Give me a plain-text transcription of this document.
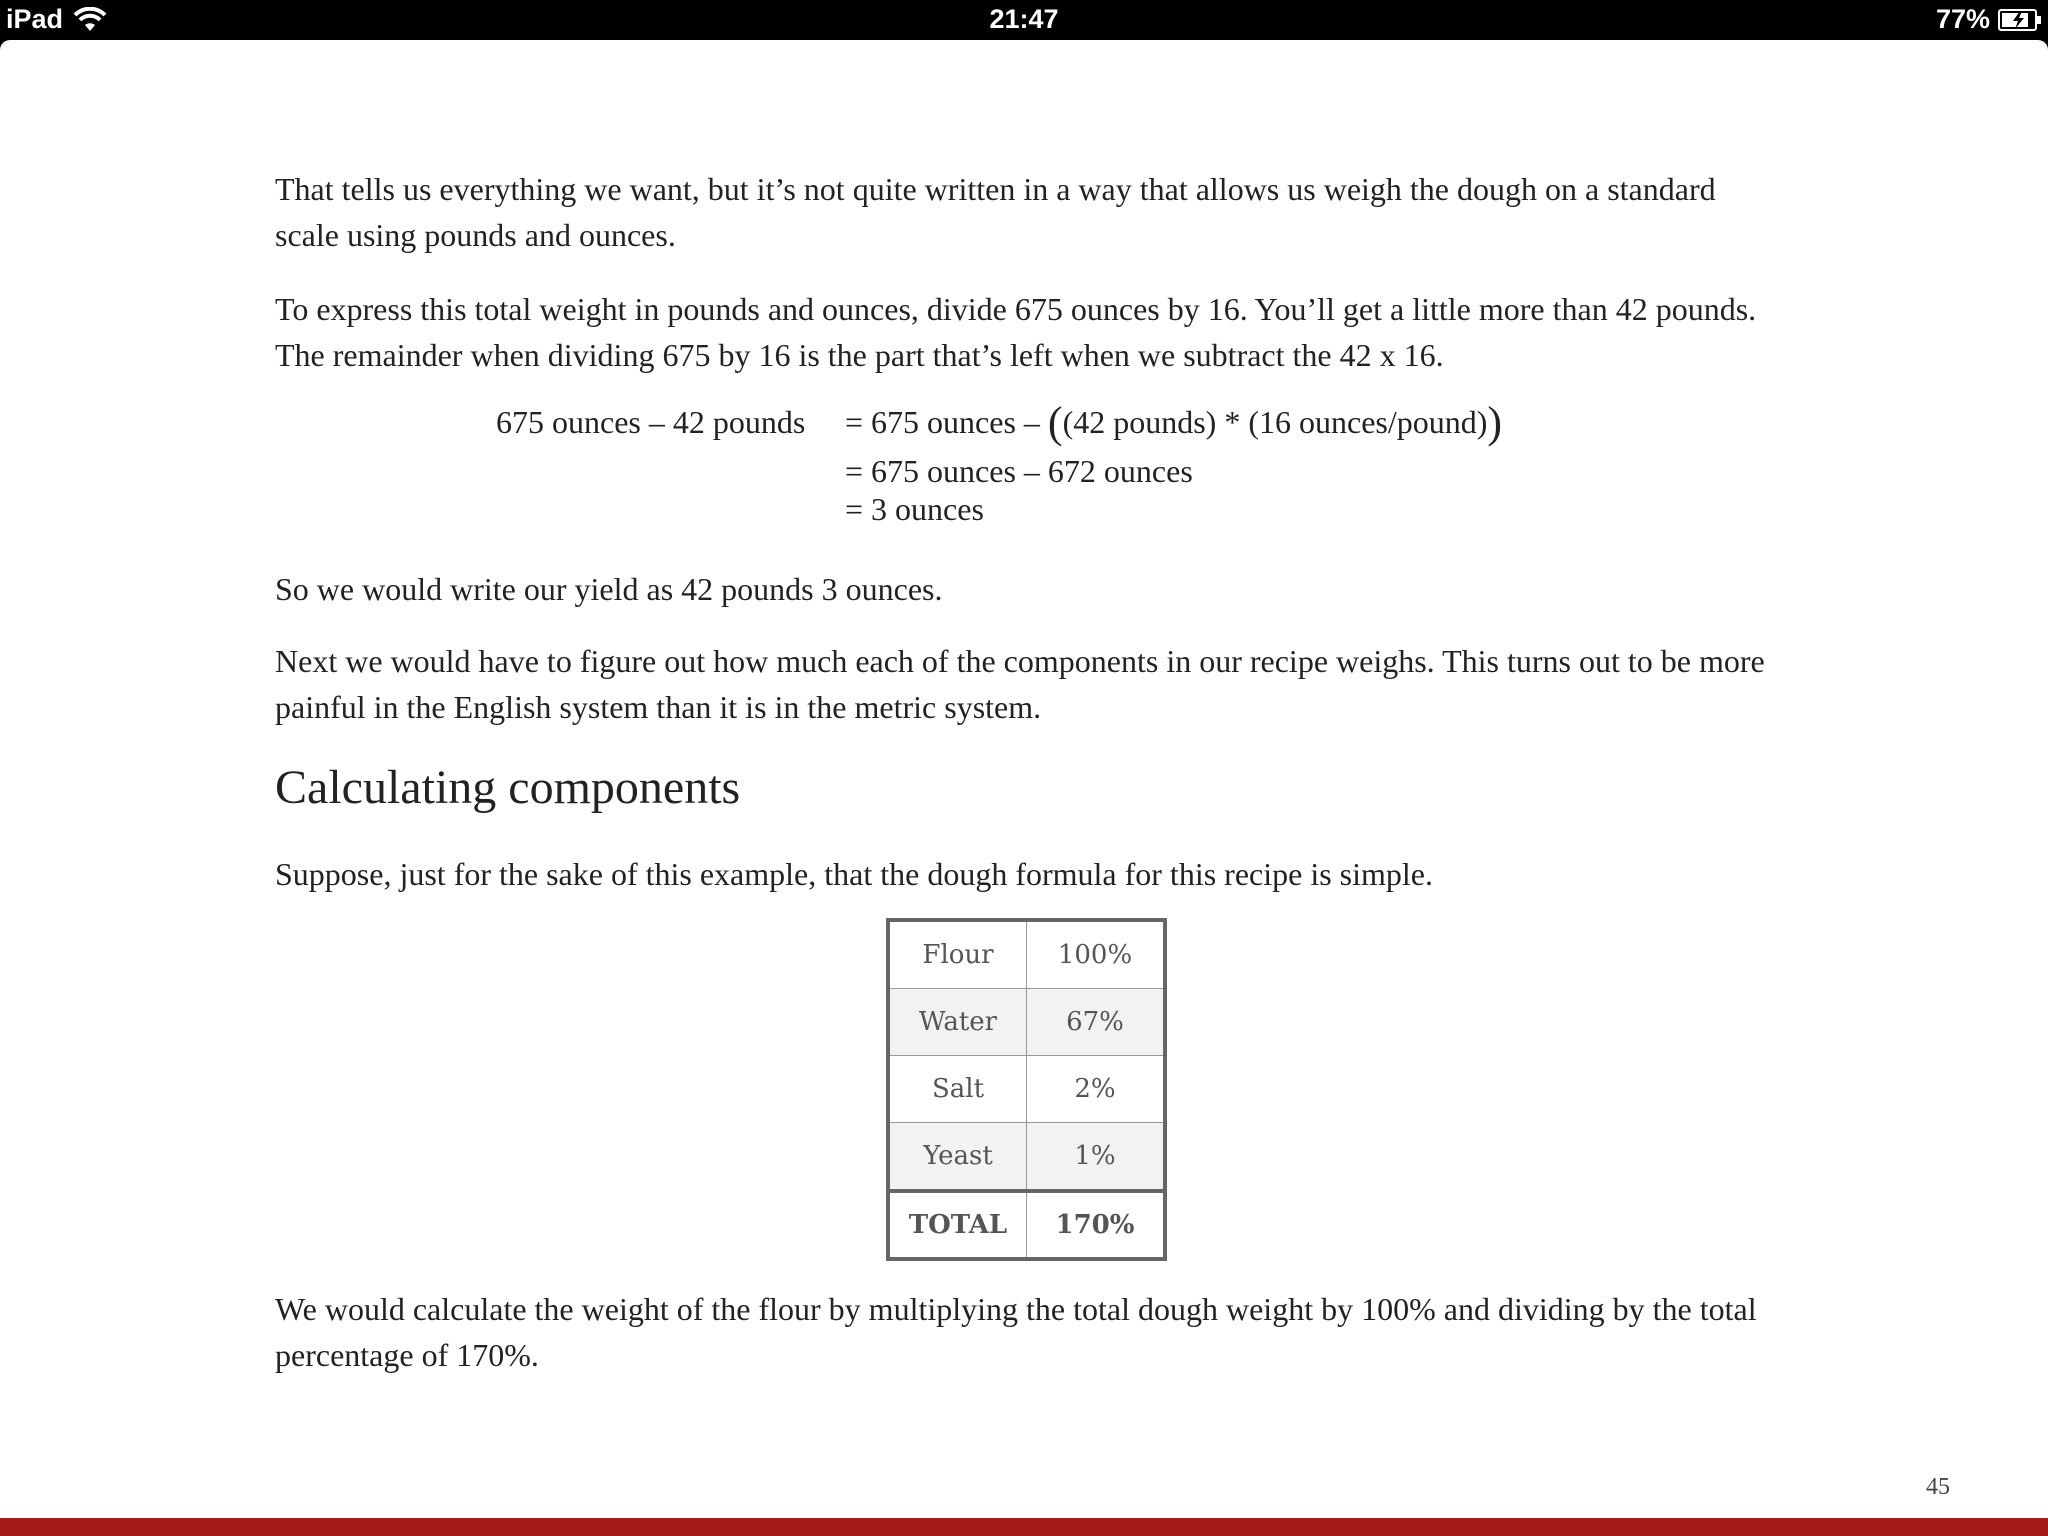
iPad	21:47	77%

That tells us everything we want, but it’s not quite written in a way that allows us weigh the dough on a standard scale using pounds and ounces.

To express this total weight in pounds and ounces, divide 675 ounces by 16. You’ll get a little more than 42 pounds. The remainder when dividing 675 by 16 is the part that’s left when we subtract the 42 x 16.

675 ounces – 42 pounds = 675 ounces – ((42 pounds) * (16 ounces/pound))
= 675 ounces – 672 ounces
= 3 ounces

So we would write our yield as 42 pounds 3 ounces.

Next we would have to figure out how much each of the components in our recipe weighs. This turns out to be more painful in the English system than it is in the metric system.

Calculating components

Suppose, just for the sake of this example, that the dough formula for this recipe is simple.

Flour	100%
Water	67%
Salt	2%
Yeast	1%
TOTAL	170%

We would calculate the weight of the flour by multiplying the total dough weight by 100% and dividing by the total percentage of 170%.

45
